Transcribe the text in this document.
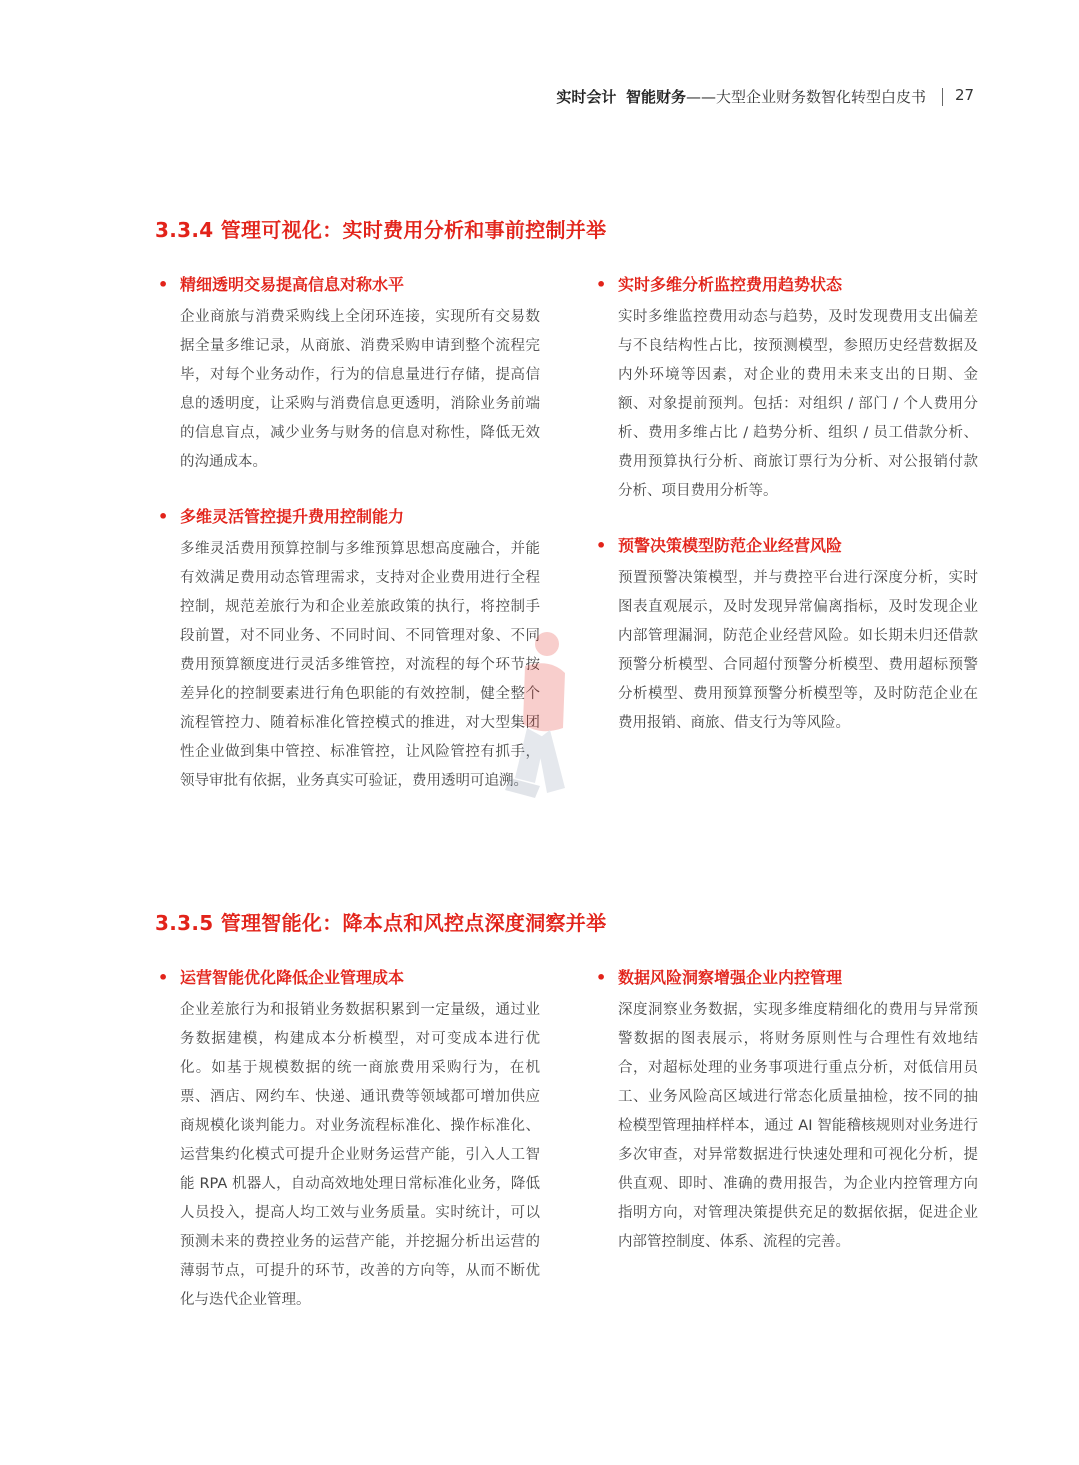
实时会计 智能财务——大型企业财务数智化转型白皮书 27
3.3.4 管理可视化：实时费用分析和事前控制并举
• 精细透明交易提高信息对称水平
企业商旅与消费采购线上全闭环连接，实现所有交易数据全量多维记录，从商旅、消费采购申请到整个流程完毕，对每个业务动作，行为的信息量进行存储，提高信息的透明度，让采购与消费信息更透明，消除业务前端的信息盲点，减少业务与财务的信息对称性，降低无效的沟通成本。
• 多维灵活管控提升费用控制能力
多维灵活费用预算控制与多维预算思想高度融合，并能有效满足费用动态管理需求，支持对企业费用进行全程控制，规范差旅行为和企业差旅政策的执行，将控制手段前置，对不同业务、不同时间、不同管理对象、不同费用预算额度进行灵活多维管控，对流程的每个环节按差异化的控制要素进行角色职能的有效控制，健全整个流程管控力、随着标准化管控模式的推进，对大型集团性企业做到集中管控、标准管控，让风险管控有抓手，领导审批有依据，业务真实可验证，费用透明可追溯。
• 实时多维分析监控费用趋势状态
实时多维监控费用动态与趋势，及时发现费用支出偏差与不良结构性占比，按预测模型，参照历史经营数据及内外环境等因素，对企业的费用未来支出的日期、金额、对象提前预判。包括：对组织 / 部门 / 个人费用分析、费用多维占比 / 趋势分析、组织 / 员工借款分析、费用预算执行分析、商旅订票行为分析、对公报销付款分析、项目费用分析等。
• 预警决策模型防范企业经营风险
预置预警决策模型，并与费控平台进行深度分析，实时图表直观展示，及时发现异常偏离指标，及时发现企业内部管理漏洞，防范企业经营风险。如长期未归还借款预警分析模型、合同超付预警分析模型、费用超标预警分析模型、费用预算预警分析模型等，及时防范企业在费用报销、商旅、借支行为等风险。
3.3.5 管理智能化：降本点和风控点深度洞察并举
• 运营智能优化降低企业管理成本
企业差旅行为和报销业务数据积累到一定量级，通过业务数据建模，构建成本分析模型，对可变成本进行优化。如基于规模数据的统一商旅费用采购行为，在机票、酒店、网约车、快递、通讯费等领域都可增加供应商规模化谈判能力。对业务流程标准化、操作标准化、运营集约化模式可提升企业财务运营产能，引入人工智能 RPA 机器人，自动高效地处理日常标准化业务，降低人员投入，提高人均工效与业务质量。实时统计，可以预测未来的费控业务的运营产能，并挖掘分析出运营的薄弱节点，可提升的环节，改善的方向等，从而不断优化与迭代企业管理。
• 数据风险洞察增强企业内控管理
深度洞察业务数据，实现多维度精细化的费用与异常预警数据的图表展示，将财务原则性与合理性有效地结合，对超标处理的业务事项进行重点分析，对低信用员工、业务风险高区域进行常态化质量抽检，按不同的抽检模型管理抽样样本，通过 AI 智能稽核规则对业务进行多次审查，对异常数据进行快速处理和可视化分析，提供直观、即时、准确的费用报告，为企业内控管理方向指明方向，对管理决策提供充足的数据依据，促进企业内部管控制度、体系、流程的完善。
